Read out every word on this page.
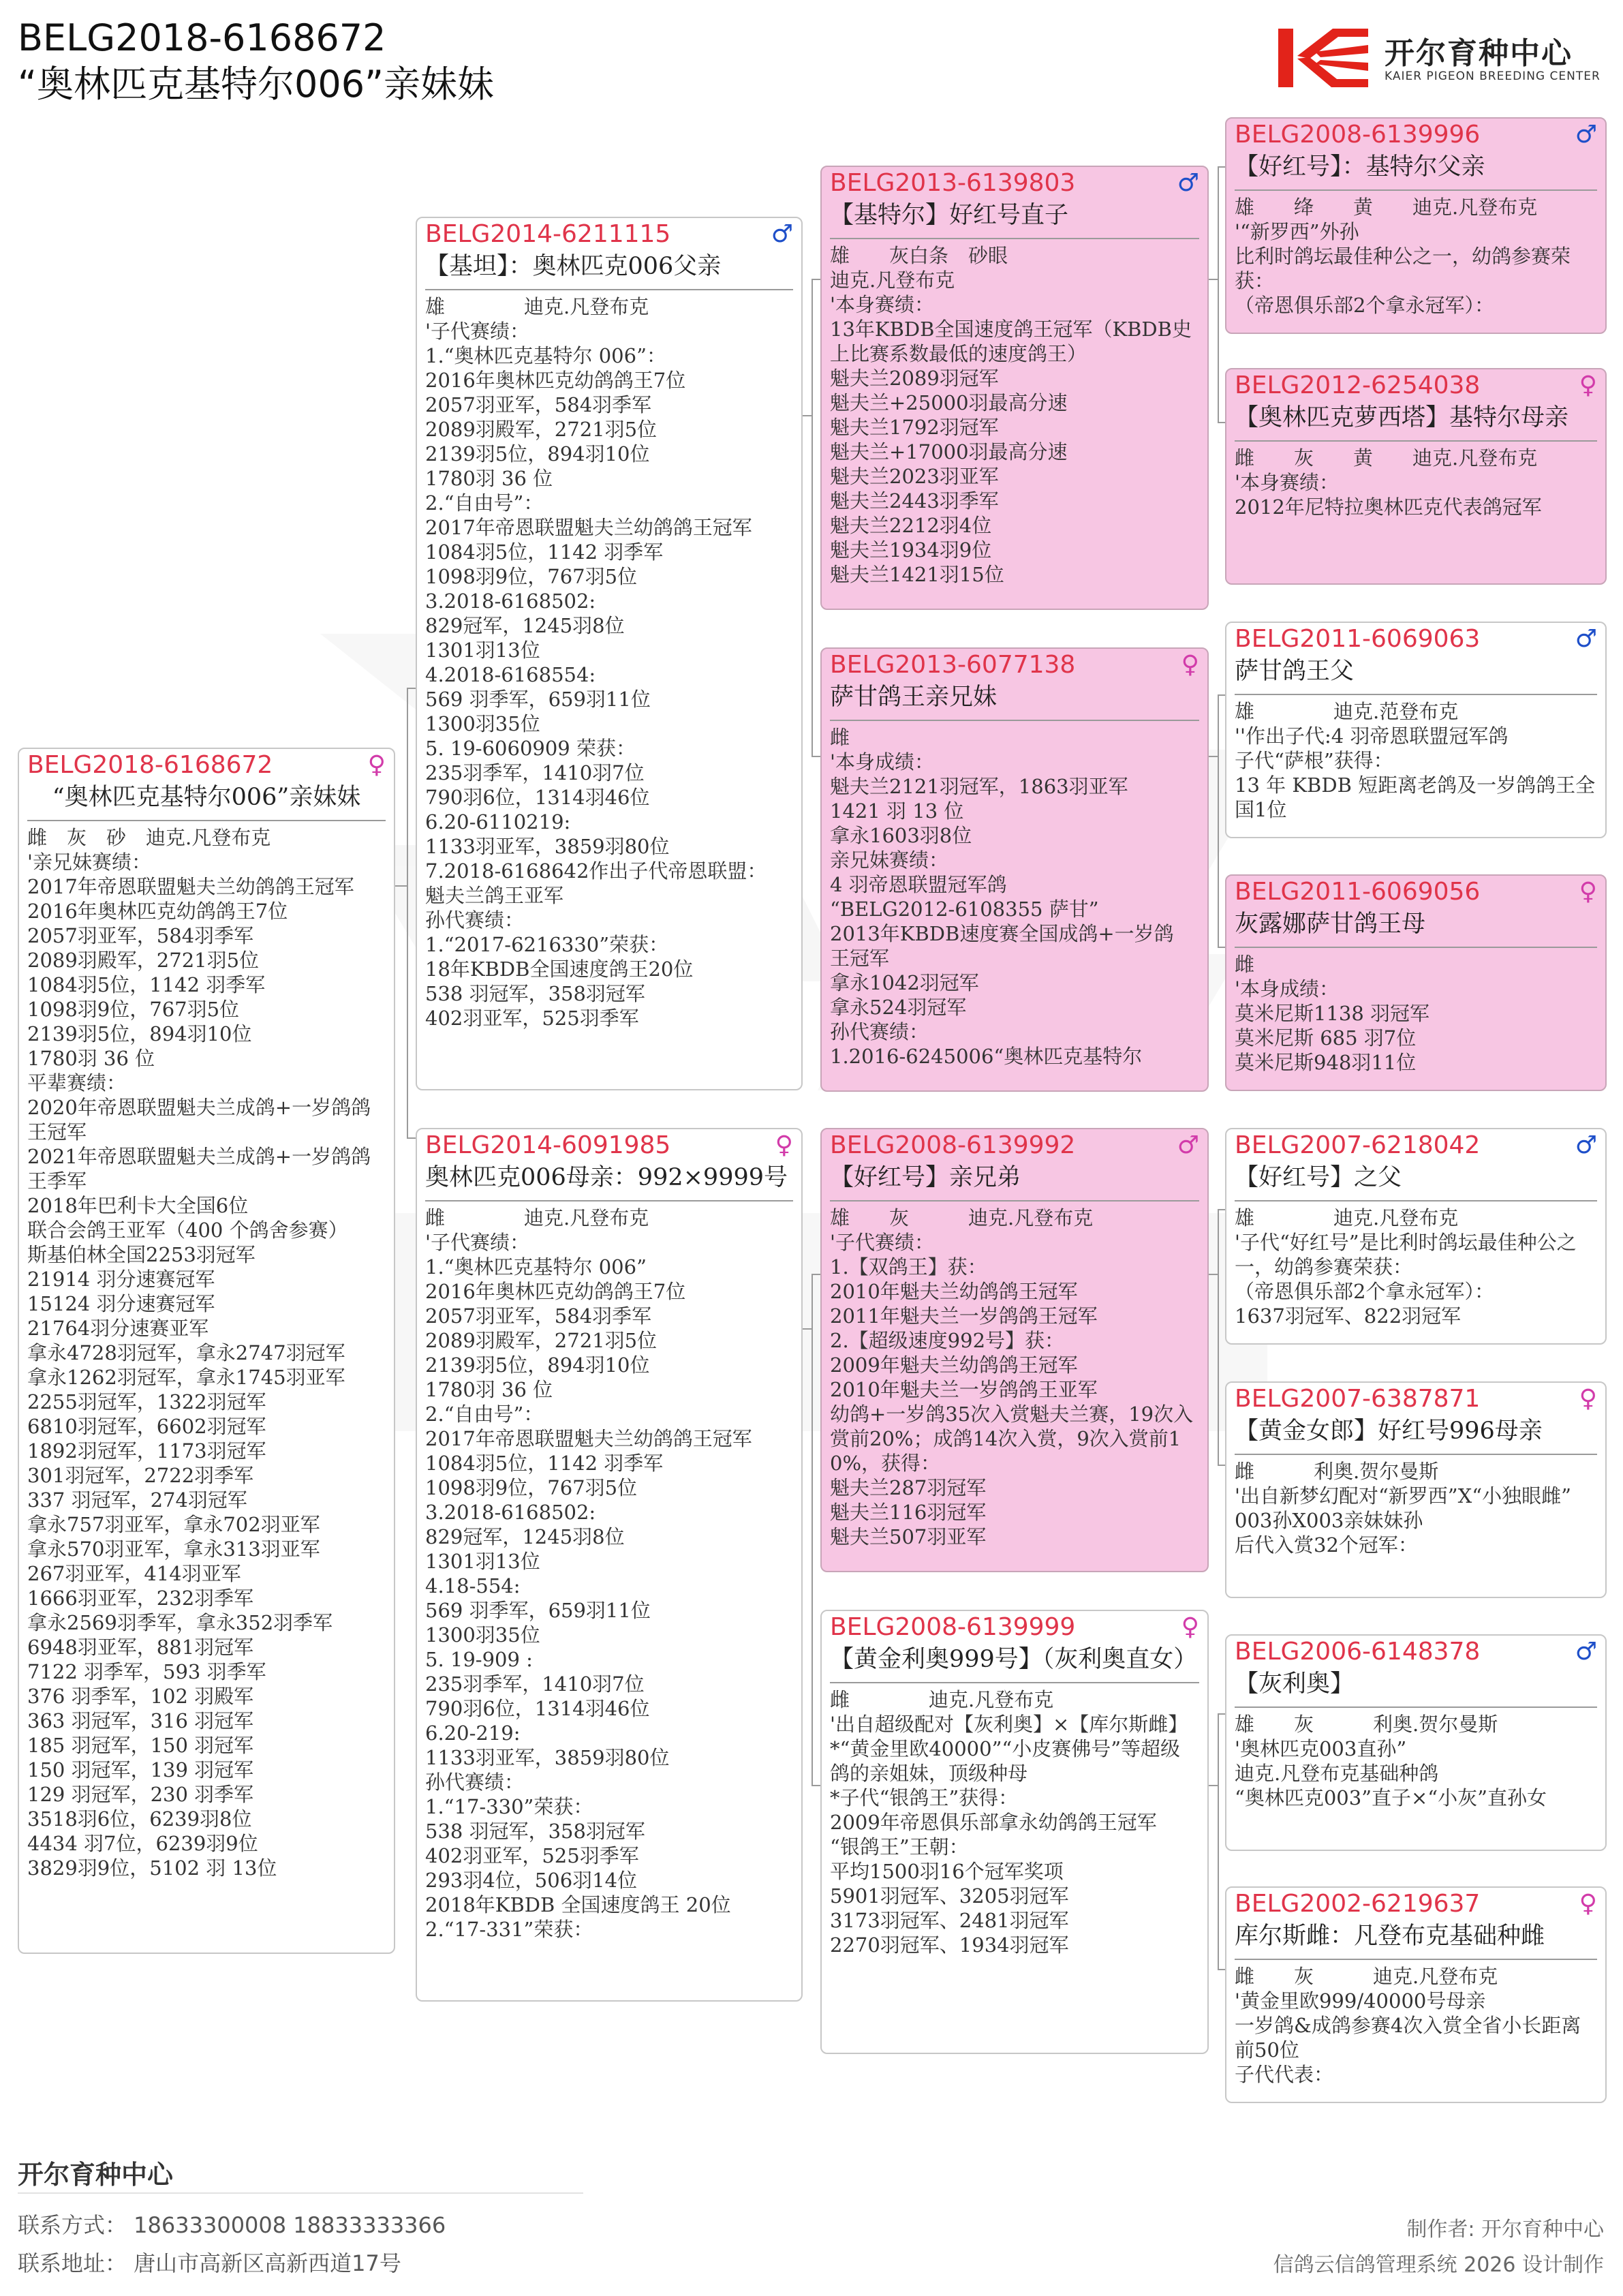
BELG2018-6168672
“奥林匹克基特尔006”亲妹妹
开尔育种中心
KAIER PIGEON BREEDING CENTER
BELG2018-6168672	♀
“奥林匹克基特尔006”亲妹妹
雌　灰　砂　迪克.凡登布克
'亲兄妹赛绩：
2017年帝恩联盟魁夫兰幼鸽鸽王冠军
2016年奥林匹克幼鸽鸽王7位
2057羽亚军，584羽季军
2089羽殿军，2721羽5位
1084羽5位，1142 羽季军
1098羽9位，767羽5位
2139羽5位，894羽10位
1780羽 36 位
平辈赛绩：
2020年帝恩联盟魁夫兰成鸽+一岁鸽鸽王冠军
2021年帝恩联盟魁夫兰成鸽+一岁鸽鸽王季军
2018年巴利卡大全国6位
联合会鸽王亚军（400 个鸽舍参赛）
斯基伯林全国2253羽冠军
21914 羽分速赛冠军
15124 羽分速赛冠军
21764羽分速赛亚军
拿永4728羽冠军，拿永2747羽冠军
拿永1262羽冠军，拿永1745羽亚军
2255羽冠军，1322羽冠军
6810羽冠军，6602羽冠军
1892羽冠军，1173羽冠军
301羽冠军，2722羽季军
337 羽冠军，274羽冠军
拿永757羽亚军，拿永702羽亚军
拿永570羽亚军，拿永313羽亚军
267羽亚军，414羽亚军
1666羽亚军，232羽季军
拿永2569羽季军，拿永352羽季军
6948羽亚军，881羽冠军
7122 羽季军，593 羽季军
376 羽季军，102 羽殿军
363 羽冠军，316 羽冠军
185 羽冠军，150 羽冠军
150 羽冠军，139 羽冠军
129 羽冠军，230 羽季军
3518羽6位，6239羽8位
4434 羽7位，6239羽9位
3829羽9位，5102 羽 13位
BELG2014-6211115	♂
【基坦】：奥林匹克006父亲
雄　　　　迪克.凡登布克
'子代赛绩：
1.“奥林匹克基特尔 006”：
2016年奥林匹克幼鸽鸽王7位
2057羽亚军，584羽季军
2089羽殿军，2721羽5位
2139羽5位，894羽10位
1780羽 36 位
2.“自由号”：
2017年帝恩联盟魁夫兰幼鸽鸽王冠军
1084羽5位，1142 羽季军
1098羽9位，767羽5位
3.2018-6168502:
829冠军，1245羽8位
1301羽13位
4.2018-6168554:
569 羽季军，659羽11位
1300羽35位
5. 19-6060909 荣获：
235羽季军，1410羽7位
790羽6位，1314羽46位
6.20-6110219:
1133羽亚军，3859羽80位
7.2018-6168642作出子代帝恩联盟：
魁夫兰鸽王亚军
孙代赛绩：
1.“2017-6216330”荣获：
18年KBDB全国速度鸽王20位
538 羽冠军，358羽冠军
402羽亚军，525羽季军
BELG2014-6091985	♀
奥林匹克006母亲：992×9999号
雌　　　　迪克.凡登布克
'子代赛绩：
1.“奥林匹克基特尔 006”
2016年奥林匹克幼鸽鸽王7位
2057羽亚军，584羽季军
2089羽殿军，2721羽5位
2139羽5位，894羽10位
1780羽 36 位
2.“自由号”：
2017年帝恩联盟魁夫兰幼鸽鸽王冠军
1084羽5位，1142 羽季军
1098羽9位，767羽5位
3.2018-6168502:
829冠军，1245羽8位
1301羽13位
4.18-554:
569 羽季军，659羽11位
1300羽35位
5. 19-909 :
235羽季军，1410羽7位
790羽6位，1314羽46位
6.20-219:
1133羽亚军，3859羽80位
孙代赛绩：
1.“17-330”荣获：
538 羽冠军，358羽冠军
402羽亚军，525羽季军
293羽4位，506羽14位
2018年KBDB 全国速度鸽王 20位
2.“17-331”荣获：
BELG2013-6139803	♂
【基特尔】好红号直子
雄　　灰白条　砂眼
迪克.凡登布克
'本身赛绩：
13年KBDB全国速度鸽王冠军（KBDB史上比赛系数最低的速度鸽王）
魁夫兰2089羽冠军
魁夫兰+25000羽最高分速
魁夫兰1792羽冠军
魁夫兰+17000羽最高分速
魁夫兰2023羽亚军
魁夫兰2443羽季军
魁夫兰2212羽4位
魁夫兰1934羽9位
魁夫兰1421羽15位
BELG2013-6077138	♀
萨甘鸽王亲兄妹
雌
'本身成绩：
魁夫兰2121羽冠军，1863羽亚军
1421 羽 13 位
拿永1603羽8位
亲兄妹赛绩：
4 羽帝恩联盟冠军鸽
“BELG2012-6108355 萨甘”
2013年KBDB速度赛全国成鸽+一岁鸽 王冠军
拿永1042羽冠军
拿永524羽冠军
孙代赛绩：
1.2016-6245006“奥林匹克基特尔
BELG2008-6139992	♂
【好红号】亲兄弟
雄　　灰　　　迪克.凡登布克
'子代赛绩：
1.【双鸽王】获：
2010年魁夫兰幼鸽鸽王冠军
2011年魁夫兰一岁鸽鸽王冠军
2.【超级速度992号】获：
2009年魁夫兰幼鸽鸽王冠军
2010年魁夫兰一岁鸽鸽王亚军
幼鸽+一岁鸽35次入赏魁夫兰赛，19次入赏前20%；成鸽14次入赏，9次入赏前10%，获得：
魁夫兰287羽冠军
魁夫兰116羽冠军
魁夫兰507羽亚军
BELG2008-6139999	♀
【黄金利奥999号】（灰利奥直女）
雌　　　　迪克.凡登布克
'出自超级配对【灰利奥】×【库尔斯雌】
*“黄金里欧40000”“小皮赛佛号”等超级鸽的亲姐妹，顶级种母
*子代“银鸽王”获得：
2009年帝恩俱乐部拿永幼鸽鸽王冠军
“银鸽王”王朝：
平均1500羽16个冠军奖项
5901羽冠军、3205羽冠军
3173羽冠军、2481羽冠军
2270羽冠军、1934羽冠军
BELG2008-6139996	♂
【好红号】：基特尔父亲
雄　　绛　　黄　　迪克.凡登布克
'“新罗西”外孙
比利时鸽坛最佳种公之一，幼鸽参赛荣获：
（帝恩俱乐部2个拿永冠军）：
BELG2012-6254038	♀
【奥林匹克萝西塔】基特尔母亲
雌　　灰　　黄　　迪克.凡登布克
'本身赛绩：
2012年尼特拉奥林匹克代表鸽冠军
BELG2011-6069063	♂
萨甘鸽王父
雄　　　　迪克.范登布克
''作出子代:4 羽帝恩联盟冠军鸽
子代“萨根”获得：
13 年 KBDB 短距离老鸽及一岁鸽鸽王全国1位
BELG2011-6069056	♀
灰露娜萨甘鸽王母
雌
'本身成绩：
莫米尼斯1138 羽冠军
莫米尼斯 685 羽7位
莫米尼斯948羽11位
BELG2007-6218042	♂
【好红号】之父
雄　　　　迪克.凡登布克
'子代“好红号”是比利时鸽坛最佳种公之一，幼鸽参赛荣获：
（帝恩俱乐部2个拿永冠军）：
1637羽冠军、822羽冠军
BELG2007-6387871	♀
【黄金女郎】好红号996母亲
雌　　　利奥.贺尔曼斯
'出自新梦幻配对“新罗西”X“小独眼雌”
003孙X003亲妹妹孙
后代入赏32个冠军：
BELG2006-6148378	♂
【灰利奥】
雄　　灰　　　利奥.贺尔曼斯
'奥林匹克003直孙”
迪克.凡登布克基础种鸽
“奥林匹克003”直子×“小灰”直孙女
BELG2002-6219637	♀
库尔斯雌：凡登布克基础种雌
雌　　灰　　　迪克.凡登布克
'黄金里欧999/40000号母亲
一岁鸽&成鸽参赛4次入赏全省小长距离前50位
子代代表：
开尔育种中心
联系方式： 18633300008 18833333366
联系地址： 唐山市高新区高新西道17号
制作者: 开尔育种中心
信鸽云信鸽管理系统 2026 设计制作
